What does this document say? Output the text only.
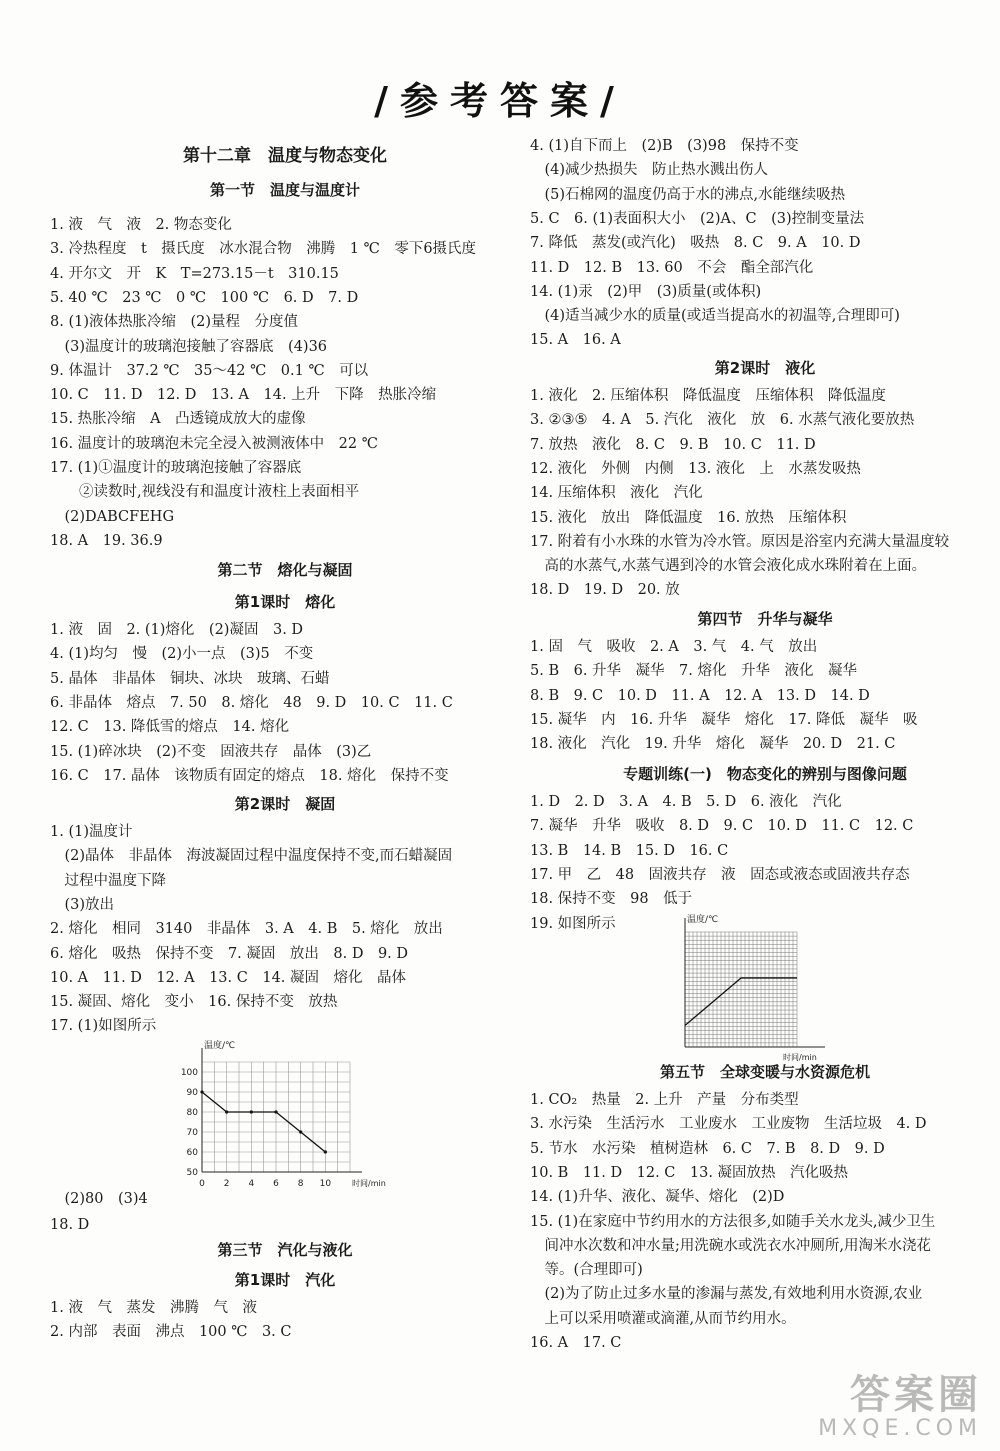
/参考答案/
第十二章　温度与物态变化
第一节　温度与温度计
1. 液　气　液　2. 物态变化
3. 冷热程度　t　摄氏度　冰水混合物　沸腾　1 ℃　零下6摄氏度
4. 开尔文　开　K　T=273.15－t　310.15
5. 40 ℃　23 ℃　0 ℃　100 ℃　6. D　7. D
8. (1)液体热胀冷缩　(2)量程　分度值
　(3)温度计的玻璃泡接触了容器底　(4)36
9. 体温计　37.2 ℃　35～42 ℃　0.1 ℃　可以
10. C　11. D　12. D　13. A　14. 上升　下降　热胀冷缩
15. 热胀冷缩　A　凸透镜成放大的虚像
16. 温度计的玻璃泡未完全浸入被测液体中　22 ℃
17. (1)①温度计的玻璃泡接触了容器底
　　②读数时,视线没有和温度计液柱上表面相平
　(2)DABCFEHG
18. A　19. 36.9
第二节　熔化与凝固
第1课时　熔化
1. 液　固　2. (1)熔化　(2)凝固　3. D
4. (1)均匀　慢　(2)小一点　(3)5　不变
5. 晶体　非晶体　铜块、冰块　玻璃、石蜡
6. 非晶体　熔点　7. 50　8. 熔化　48　9. D　10. C　11. C
12. C　13. 降低雪的熔点　14. 熔化
15. (1)碎冰块　(2)不变　固液共存　晶体　(3)乙
16. C　17. 晶体　该物质有固定的熔点　18. 熔化　保持不变
第2课时　凝固
1. (1)温度计
　(2)晶体　非晶体　海波凝固过程中温度保持不变,而石蜡凝固
　过程中温度下降
　(3)放出
2. 熔化　相同　3140　非晶体　3. A　4. B　5. 熔化　放出
6. 熔化　吸热　保持不变　7. 凝固　放出　8. D　9. D
10. A　11. D　12. A　13. C　14. 凝固　熔化　晶体
15. 凝固、熔化　变小　16. 保持不变　放热
17. (1)如图所示
　(2)80　(3)4
18. D
第三节　汽化与液化
第1课时　汽化
1. 液　气　蒸发　沸腾　气　液
2. 内部　表面　沸点　100 ℃　3. C
4. (1)自下而上　(2)B　(3)98　保持不变
　(4)减少热损失　防止热水溅出伤人
　(5)石棉网的温度仍高于水的沸点,水能继续吸热
5. C　6. (1)表面积大小　(2)A、C　(3)控制变量法
7. 降低　蒸发(或汽化)　吸热　8. C　9. A　10. D
11. D　12. B　13. 60　不会　酯全部汽化
14. (1)汞　(2)甲　(3)质量(或体积)
　(4)适当减少水的质量(或适当提高水的初温等,合理即可)
15. A　16. A
第2课时　液化
1. 液化　2. 压缩体积　降低温度　压缩体积　降低温度
3. ②③⑤　4. A　5. 汽化　液化　放　6. 水蒸气液化要放热
7. 放热　液化　8. C　9. B　10. C　11. D
12. 液化　外侧　内侧　13. 液化　上　水蒸发吸热
14. 压缩体积　液化　汽化
15. 液化　放出　降低温度　16. 放热　压缩体积
17. 附着有小水珠的水管为冷水管。原因是浴室内充满大量温度较
　高的水蒸气,水蒸气遇到冷的水管会液化成水珠附着在上面。
18. D　19. D　20. 放
第四节　升华与凝华
1. 固　气　吸收　2. A　3. 气　4. 气　放出
5. B　6. 升华　凝华　7. 熔化　升华　液化　凝华
8. B　9. C　10. D　11. A　12. A　13. D　14. D
15. 凝华　内　16. 升华　凝华　熔化　17. 降低　凝华　吸
18. 液化　汽化　19. 升华　熔化　凝华　20. D　21. C
专题训练(一)　物态变化的辨别与图像问题
1. D　2. D　3. A　4. B　5. D　6. 液化　汽化
7. 凝华　升华　吸收　8. D　9. C　10. D　11. C　12. C
13. B　14. B　15. D　16. C
17. 甲　乙　48　固液共存　液　固态或液态或固液共存态
18. 保持不变　98　低于
19. 如图所示
第五节　全球变暖与水资源危机
1. CO₂　热量　2. 上升　产量　分布类型
3. 水污染　生活污水　工业废水　工业废物　生活垃圾　4. D
5. 节水　水污染　植树造林　6. C　7. B　8. D　9. D
10. B　11. D　12. C　13. 凝固放热　汽化吸热
14. (1)升华、液化、凝华、熔化　(2)D
15. (1)在家庭中节约用水的方法很多,如随手关水龙头,减少卫生
　间冲水次数和冲水量;用洗碗水或洗衣水冲厕所,用淘米水浇花
　等。(合理即可)
　(2)为了防止过多水量的渗漏与蒸发,有效地利用水资源,农业
　上可以采用喷灌或滴灌,从而节约用水。
16. A　17. C
0 2 4 6 8 10
50
60
70
80
90
100
温度/℃
时间/min
温度/℃
时间/min
答案圈
MXQE.COM
